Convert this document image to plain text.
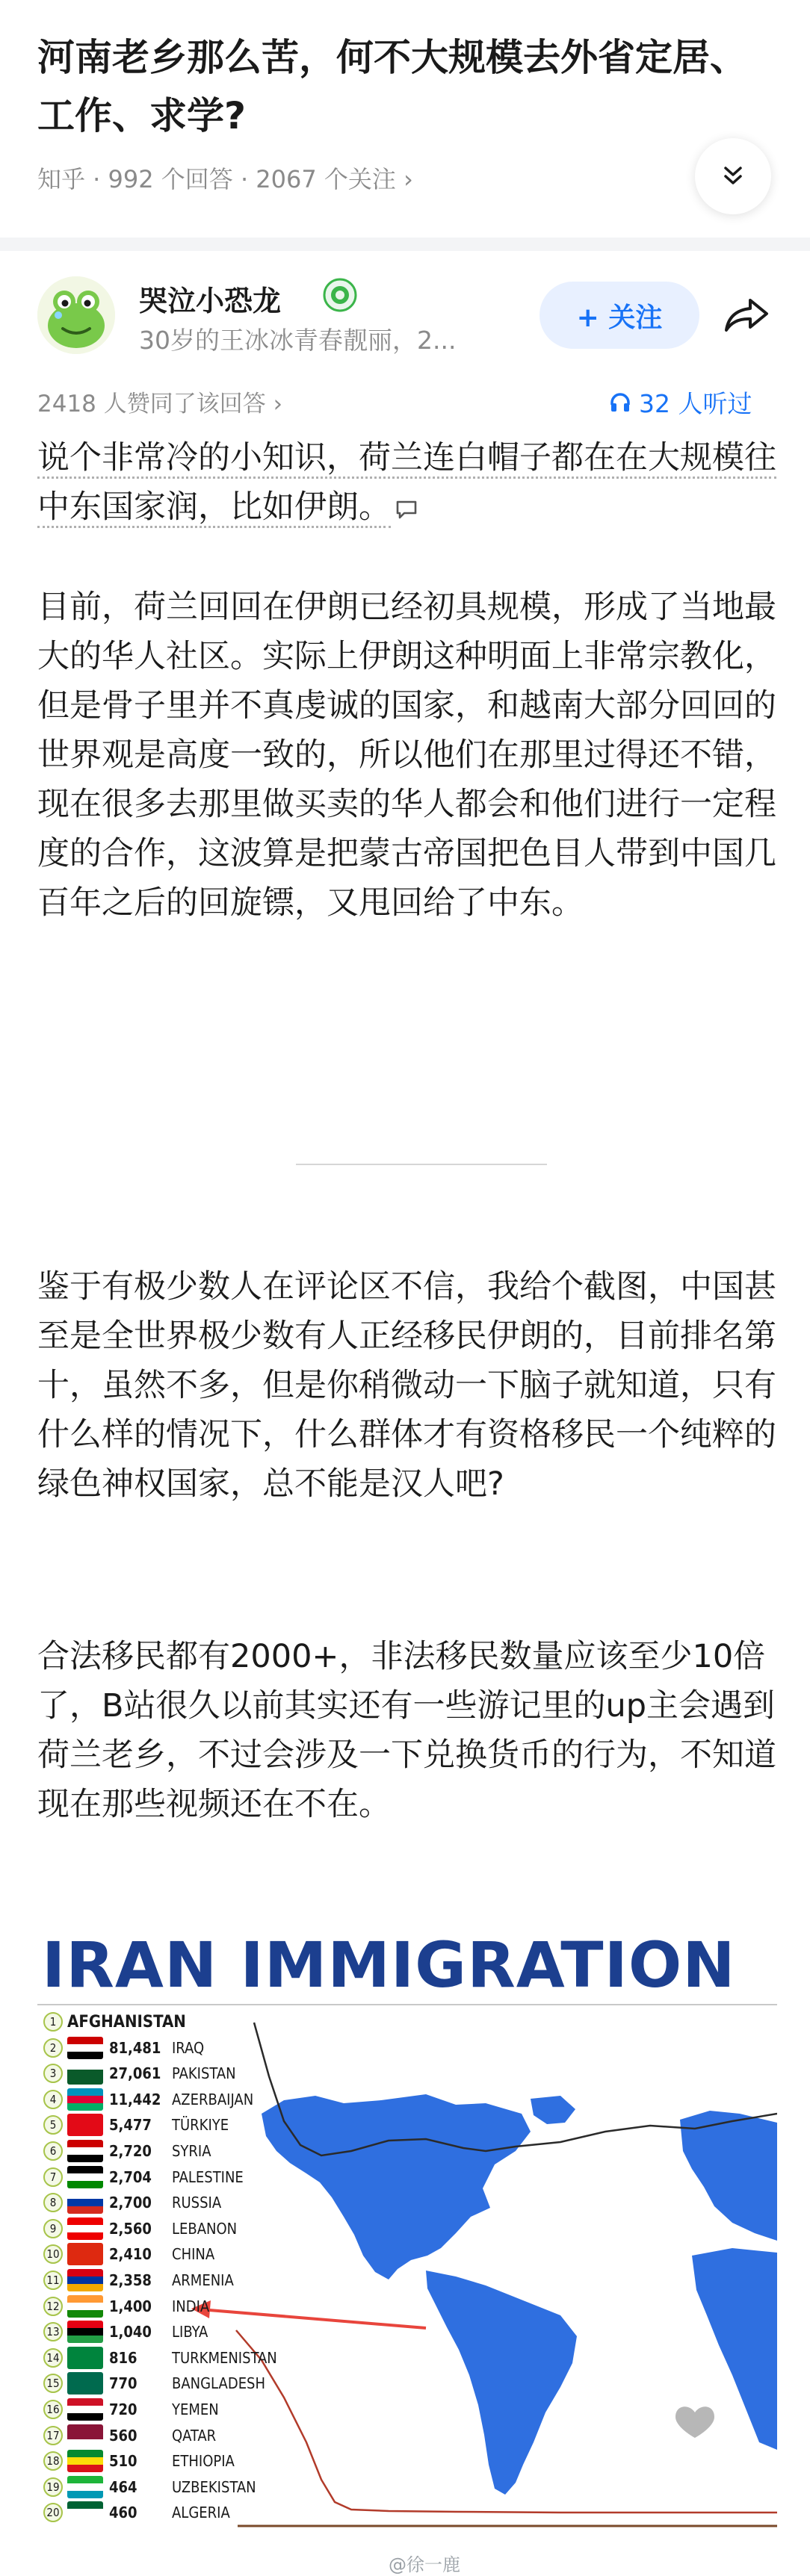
河南老乡那么苦，何不大规模去外省定居、工作、求学?
知乎 · 992 个回答 · 2067 个关注 ›
哭泣小恐龙
30岁的王冰冰青春靓丽，2...
+ 关注
2418 人赞同了该回答 ›	32 人听过

说个非常冷的小知识，荷兰连白帽子都在在大规模往中东国家润，比如伊朗。

目前，荷兰回回在伊朗已经初具规模，形成了当地最大的华人社区。实际上伊朗这种明面上非常宗教化，但是骨子里并不真虔诚的国家，和越南大部分回回的世界观是高度一致的，所以他们在那里过得还不错，现在很多去那里做买卖的华人都会和他们进行一定程度的合作，这波算是把蒙古帝国把色目人带到中国几百年之后的回旋镖，又甩回给了中东。

鉴于有极少数人在评论区不信，我给个截图，中国甚至是全世界极少数有人正经移民伊朗的，目前排名第十，虽然不多，但是你稍微动一下脑子就知道，只有什么样的情况下，什么群体才有资格移民一个纯粹的绿色神权国家，总不能是汉人吧?

合法移民都有2000+，非法移民数量应该至少10倍了，B站很久以前其实还有一些游记里的up主会遇到荷兰老乡，不过会涉及一下兑换货币的行为，不知道现在那些视频还在不在。

IRAN IMMIGRATION
1 AFGHANISTAN
2	81,481 IRAQ
3	27,061 PAKISTAN
4	11,442 AZERBAIJAN
5	5,477	TÜRKIYE
6	2,720	SYRIA
7	2,704	PALESTINE
8	2,700	RUSSIA
9	2,560	LEBANON
10	2,410	CHINA
11	2,358	ARMENIA
12	1,400	INDIA
13	1,040	LIBYA
14	816	TURKMENISTAN
15	770	BANGLADESH
16	720	YEMEN
17	560	QATAR
18	510	ETHIOPIA
19	464	UZBEKISTAN
20	460	ALGERIA
@徐一鹿
